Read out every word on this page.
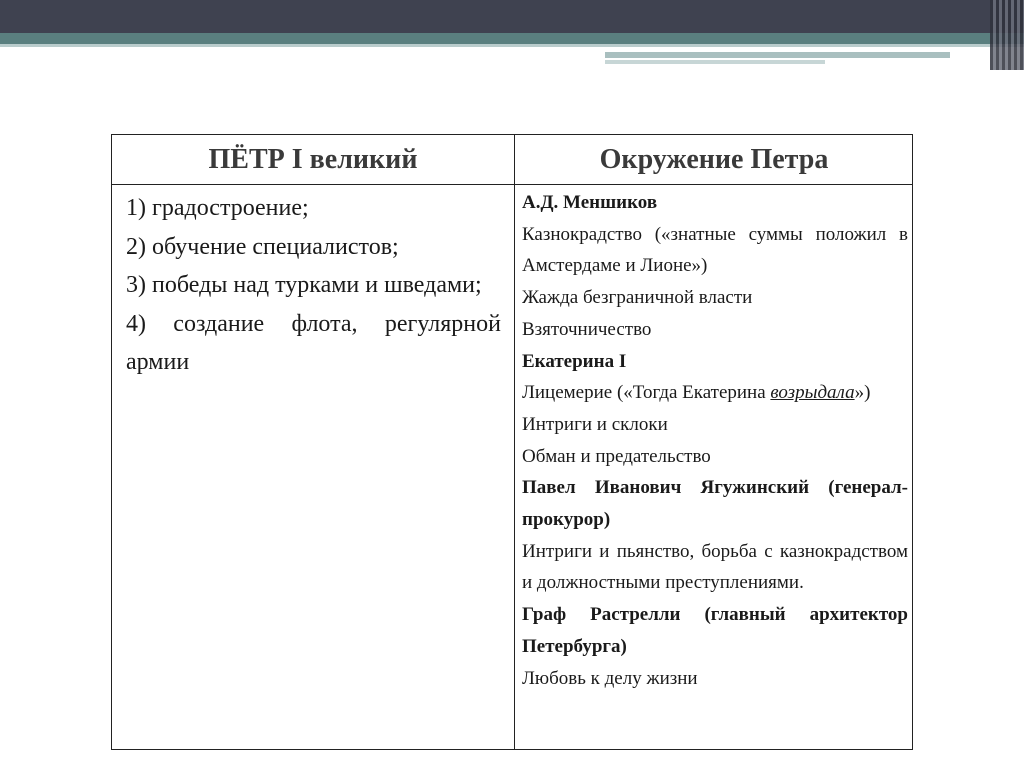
ПЁТР I великий	Окружение Петра
1) градостроение;
2) обучение специалистов;
3) победы над турками и шведами;
4) создание флота, регулярной армии
А.Д. Меншиков
Казнокрадство («знатные суммы положил в Амстердаме и Лионе»)
Жажда безграничной власти
Взяточничество
Екатерина I
Лицемерие («Тогда Екатерина возрыдала»)
Интриги и склоки
Обман и предательство
Павел Иванович Ягужинский (генерал-прокурор)
Интриги и пьянство, борьба с казнокрадством и должностными преступлениями.
Граф Растрелли (главный архитектор Петербурга)
Любовь к делу жизни
